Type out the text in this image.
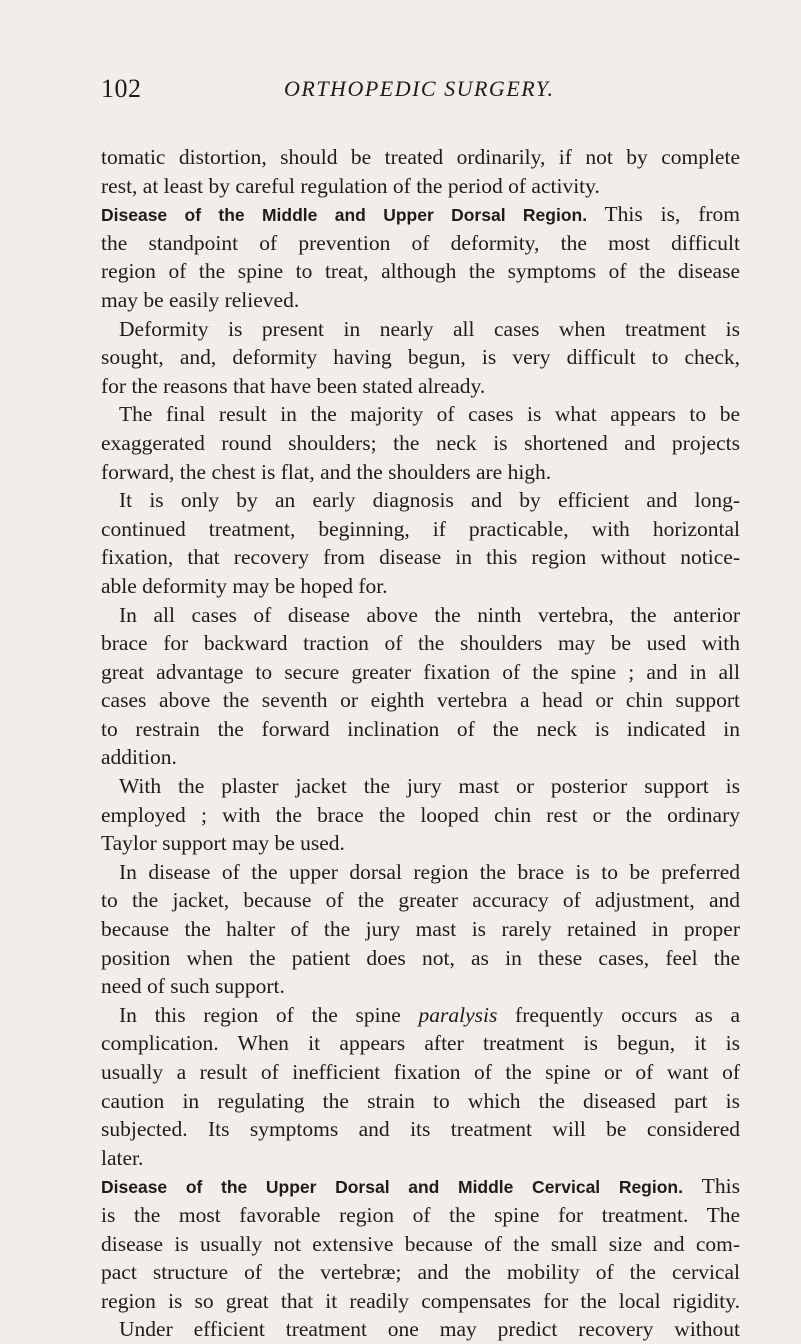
102	ORTHOPEDIC SURGERY.
tomatic distortion, should be treated ordinarily, if not by complete
rest, at least by careful regulation of the period of activity.
Disease of the Middle and Upper Dorsal Region. This is, from
the standpoint of prevention of deformity, the most difficult
region of the spine to treat, although the symptoms of the disease
may be easily relieved.
Deformity is present in nearly all cases when treatment is
sought, and, deformity having begun, is very difficult to check,
for the reasons that have been stated already.
The final result in the majority of cases is what appears to be
exaggerated round shoulders; the neck is shortened and projects
forward, the chest is flat, and the shoulders are high.
It is only by an early diagnosis and by efficient and long-
continued treatment, beginning, if practicable, with horizontal
fixation, that recovery from disease in this region without notice-
able deformity may be hoped for.
In all cases of disease above the ninth vertebra, the anterior
brace for backward traction of the shoulders may be used with
great advantage to secure greater fixation of the spine ; and in all
cases above the seventh or eighth vertebra a head or chin support
to restrain the forward inclination of the neck is indicated in
addition.
With the plaster jacket the jury mast or posterior support is
employed ; with the brace the looped chin rest or the ordinary
Taylor support may be used.
In disease of the upper dorsal region the brace is to be preferred
to the jacket, because of the greater accuracy of adjustment, and
because the halter of the jury mast is rarely retained in proper
position when the patient does not, as in these cases, feel the
need of such support.
In this region of the spine paralysis frequently occurs as a
complication. When it appears after treatment is begun, it is
usually a result of inefficient fixation of the spine or of want of
caution in regulating the strain to which the diseased part is
subjected. Its symptoms and its treatment will be considered
later.
Disease of the Upper Dorsal and Middle Cervical Region. This
is the most favorable region of the spine for treatment. The
disease is usually not extensive because of the small size and com-
pact structure of the vertebræ; and the mobility of the cervical
region is so great that it readily compensates for the local rigidity.
Under efficient treatment one may predict recovery without
